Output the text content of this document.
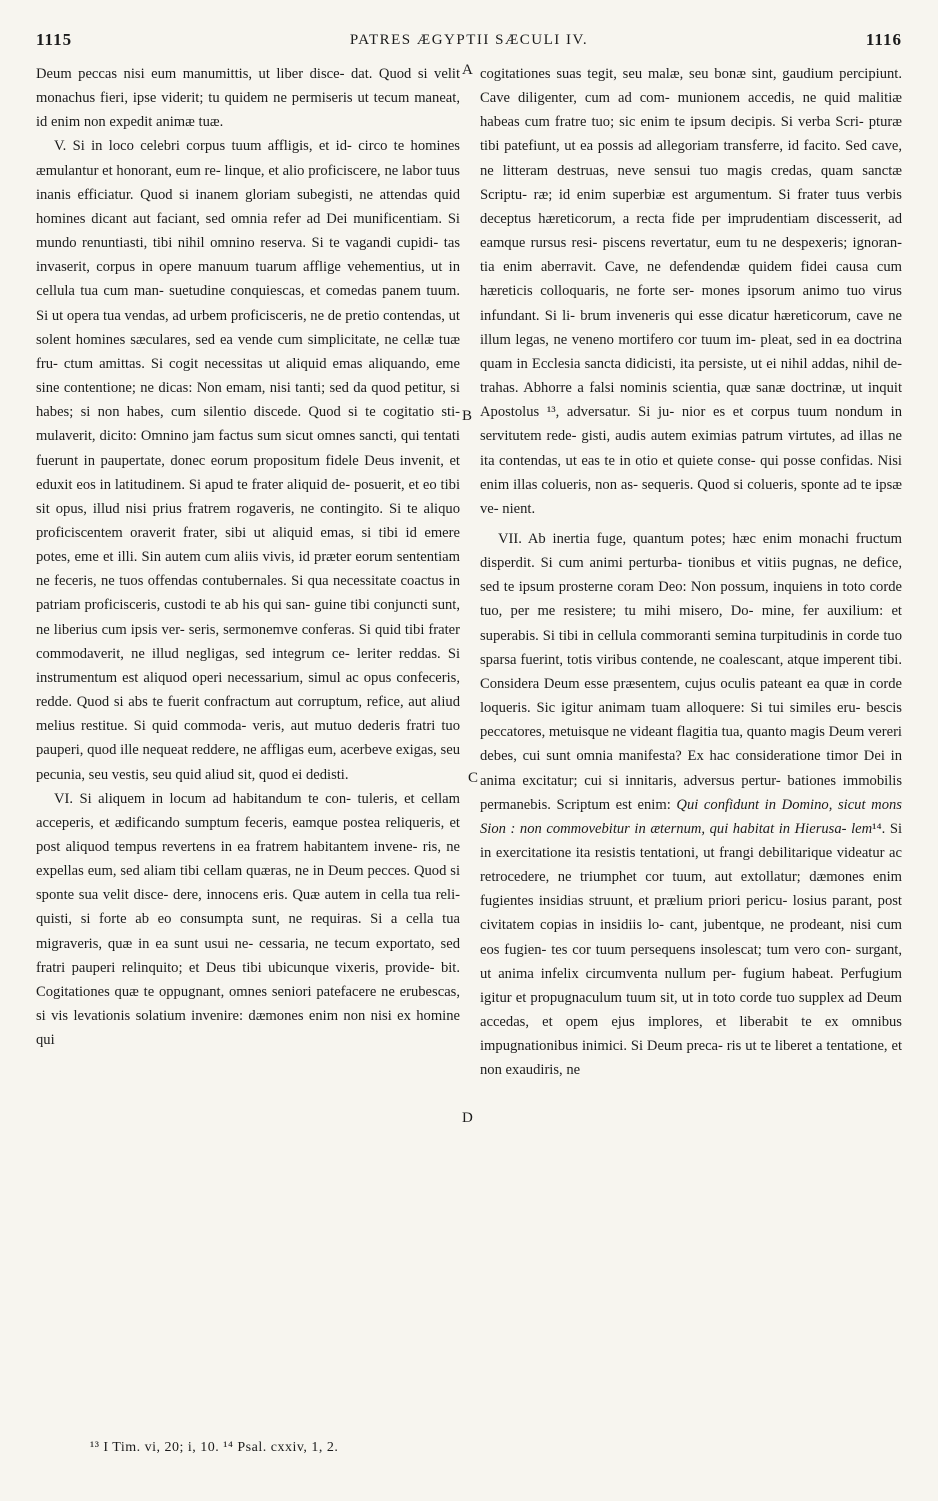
1115	PATRES ÆGYPTII SÆCULI IV.	1116

Deum peccas nisi eum manumittis, ut liber disce- dat. Quod si velit monachus fieri, ipse viderit; tu quidem ne permiseris ut tecum maneat, id enim non expedit animæ tuæ.

V. Si in loco celebri corpus tuum affligis, et id- circo te homines æmulantur et honorant, eum re- linque, et alio proficiscere, ne labor tuus inanis efficiatur. Quod si inanem gloriam subegisti, ne attendas quid homines dicant aut faciant, sed omnia refer ad Dei munificentiam. Si mundo renuntiasti, tibi nihil omnino reserva. Si te vagandi cupidi- tas invaserit, corpus in opere manuum tuarum afflige vehementius, ut in cellula tua cum man- suetudine conquiescas, et comedas panem tuum. Si ut opera tua vendas, ad urbem proficisceris, ne de pretio contendas, ut solent homines sæculares, sed ea vende cum simplicitate, ne cellæ tuæ fru- ctum amittas. Si cogit necessitas ut aliquid emas aliquando, eme sine contentione; ne dicas: Non emam, nisi tanti; sed da quod petitur, si habes; si non habes, cum silentio discede. Quod si te cogitatio sti- mulaverit, dicito: Omnino jam factus sum sicut omnes sancti, qui tentati fuerunt in paupertate, donec eorum propositum fidele Deus invenit, et eduxit eos in latitudinem. Si apud te frater aliquid de- posuerit, et eo tibi sit opus, illud nisi prius fratrem rogaveris, ne contingito. Si te aliquo proficiscentem oraverit frater, sibi ut aliquid emas, si tibi id emere potes, eme et illi. Sin autem cum aliis vivis, id præter eorum sententiam ne feceris, ne tuos offendas contubernales. Si qua necessitate coactus in patriam proficisceris, custodi te ab his qui san- guine tibi conjuncti sunt, ne liberius cum ipsis ver- seris, sermonemve conferas. Si quid tibi frater commodaverit, ne illud negligas, sed integrum ce- leriter reddas. Si instrumentum est aliquod operi necessarium, simul ac opus confeceris, redde. Quod si abs te fuerit confractum aut corruptum, refice, aut aliud melius restitue. Si quid commoda- veris, aut mutuo dederis fratri tuo pauperi, quod ille nequeat reddere, ne affligas eum, acerbeve exigas, seu pecunia, seu vestis, seu quid aliud sit, quod ei dedisti.

VI. Si aliquem in locum ad habitandum te con- tuleris, et cellam acceperis, et ædificando sumptum feceris, eamque postea reliqueris, et post aliquod tempus revertens in ea fratrem habitantem invene- ris, ne expellas eum, sed aliam tibi cellam quæras, ne in Deum pecces. Quod si sponte sua velit disce- dere, innocens eris. Quæ autem in cella tua reli- quisti, si forte ab eo consumpta sunt, ne requiras. Si a cella tua migraveris, quæ in ea sunt usui ne- cessaria, ne tecum exportato, sed fratri pauperi relinquito; et Deus tibi ubicunque vixeris, provide- bit. Cogitationes quæ te oppugnant, omnes seniori patefacere ne erubescas, si vis levationis solatium invenire: dæmones enim non nisi ex homine qui

A
B
C
D

cogitationes suas tegit, seu malæ, seu bonæ sint, gaudium percipiunt. Cave diligenter, cum ad com- munionem accedis, ne quid malitiæ habeas cum fratre tuo; sic enim te ipsum decipis. Si verba Scri- pturæ tibi patefiunt, ut ea possis ad allegoriam transferre, id facito. Sed cave, ne litteram destruas, neve sensui tuo magis credas, quam sanctæ Scriptu- ræ; id enim superbiæ est argumentum. Si frater tuus verbis deceptus hæreticorum, a recta fide per imprudentiam discesserit, ad eamque rursus resi- piscens revertatur, eum tu ne despexeris; ignoran- tia enim aberravit. Cave, ne defendendæ quidem fidei causa cum hæreticis colloquaris, ne forte ser- mones ipsorum animo tuo virus infundant. Si li- brum inveneris qui esse dicatur hæreticorum, cave ne illum legas, ne veneno mortifero cor tuum im- pleat, sed in ea doctrina quam in Ecclesia sancta didicisti, ita persiste, ut ei nihil addas, nihil de- trahas. Abhorre a falsi nominis scientia, quæ sanæ doctrinæ, ut inquit Apostolus ¹³, adversatur. Si ju- nior es et corpus tuum nondum in servitutem rede- gisti, audis autem eximias patrum virtutes, ad illas ne ita contendas, ut eas te in otio et quiete conse- qui posse confidas. Nisi enim illas colueris, non as- sequeris. Quod si colueris, sponte ad te ipsæ ve- nient.

VII. Ab inertia fuge, quantum potes; hæc enim monachi fructum disperdit. Si cum animi perturba- tionibus et vitiis pugnas, ne defice, sed te ipsum prosterne coram Deo: Non possum, inquiens in toto corde tuo, per me resistere; tu mihi misero, Do- mine, fer auxilium: et superabis. Si tibi in cellula commoranti semina turpitudinis in corde tuo sparsa fuerint, totis viribus contende, ne coalescant, atque imperent tibi. Considera Deum esse præsentem, cujus oculis pateant ea quæ in corde loqueris. Sic igitur animam tuam alloquere: Si tui similes eru- bescis peccatores, metuisque ne videant flagitia tua, quanto magis Deum vereri debes, cui sunt omnia manifesta? Ex hac consideratione timor Dei in anima excitatur; cui si innitaris, adversus pertur- bationes immobilis permanebis. Scriptum est enim: Qui confidunt in Domino, sicut mons Sion : non commovebitur in æternum, qui habitat in Hierusa- lem¹⁴. Si in exercitatione ita resistis tentationi, ut frangi debilitarique videatur ac retrocedere, ne triumphet cor tuum, aut extollatur; dæmones enim fugientes insidias struunt, et prælium priori pericu- losius parant, post civitatem copias in insidiis lo- cant, jubentque, ne prodeant, nisi cum eos fugien- tes cor tuum persequens insolescat; tum vero con- surgant, ut anima infelix circumventa nullum per- fugium habeat. Perfugium igitur et propugnaculum tuum sit, ut in toto corde tuo supplex ad Deum accedas, et opem ejus implores, et liberabit te ex omnibus impugnationibus inimici. Si Deum preca- ris ut te liberet a tentatione, et non exaudiris, ne

¹³ I Tim. vi, 20; i, 10. ¹⁴ Psal. cxxiv, 1, 2.
